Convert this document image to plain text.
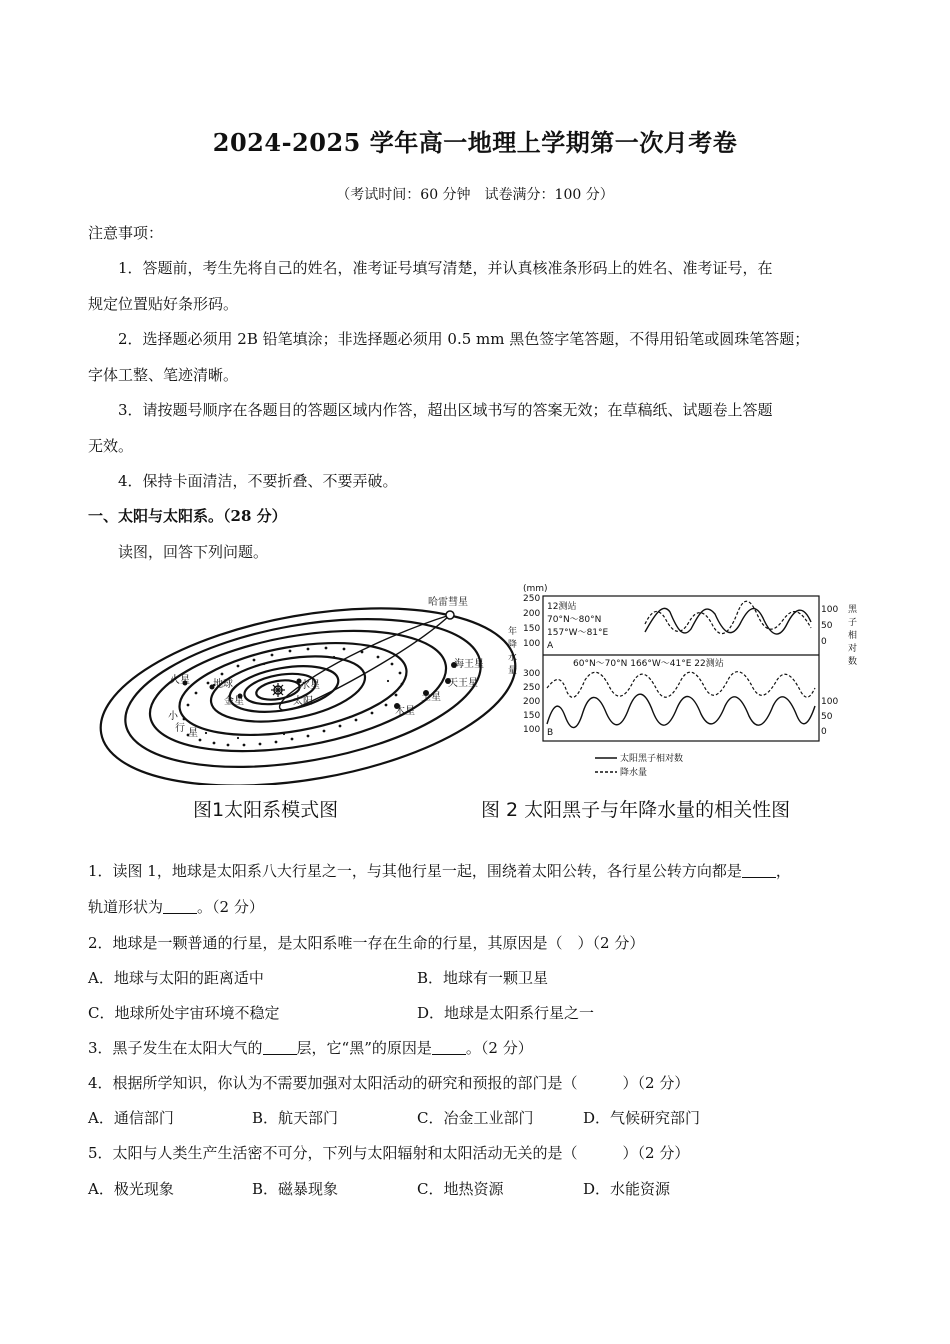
2024-2025 学年高一地理上学期第一次月考卷
（考试时间：60 分钟　试卷满分：100 分）
注意事项：
1．答题前，考生先将自己的姓名，准考证号填写清楚，并认真核准条形码上的姓名、准考证号，在
规定位置贴好条形码。
2．选择题必须用 2B 铅笔填涂；非选择题必须用 0.5 mm 黑色签字笔答题，不得用铅笔或圆珠笔答题；
字体工整、笔迹清晰。
3．请按题号顺序在各题目的答题区域内作答，超出区域书写的答案无效；在草稿纸、试题卷上答题
无效。
4．保持卡面清洁，不要折叠、不要弄破。
一、太阳与太阳系。（28 分）
读图，回答下列问题。
哈雷彗星
海王星
天王星
土星
木星
火星 地球
金星
水星
太阳
小
行 星
(mm)
250
200
150
100
300
250
200
150
100
年
降
水
量
100
50
0
100
50
0
黑
子
相
对
数
12测站
70°N～80°N
157°W～81°E
A
60°N～70°N 166°W～41°E 22测站
B
太阳黑子相对数
降水量
图1太阳系模式图	图 2 太阳黑子与年降水量的相关性图
1．读图 1，地球是太阳系八大行星之一，与其他行星一起，围绕着太阳公转，各行星公转方向都是 ，
轨道形状为 。（2 分）
2．地球是一颗普通的行星，是太阳系唯一存在生命的行星，其原因是（　）（2 分）
A．地球与太阳的距离适中	B．地球有一颗卫星
C．地球所处宇宙环境不稳定	D．地球是太阳系行星之一
3．黑子发生在太阳大气的 层，它“黑”的原因是 。（2 分）
4．根据所学知识，你认为不需要加强对太阳活动的研究和预报的部门是（　　　）（2 分）
A．通信部门	B．航天部门	C．冶金工业部门	D．气候研究部门
5．太阳与人类生产生活密不可分，下列与太阳辐射和太阳活动无关的是（　　　）（2 分）
A．极光现象	B．磁暴现象	C．地热资源	D．水能资源
